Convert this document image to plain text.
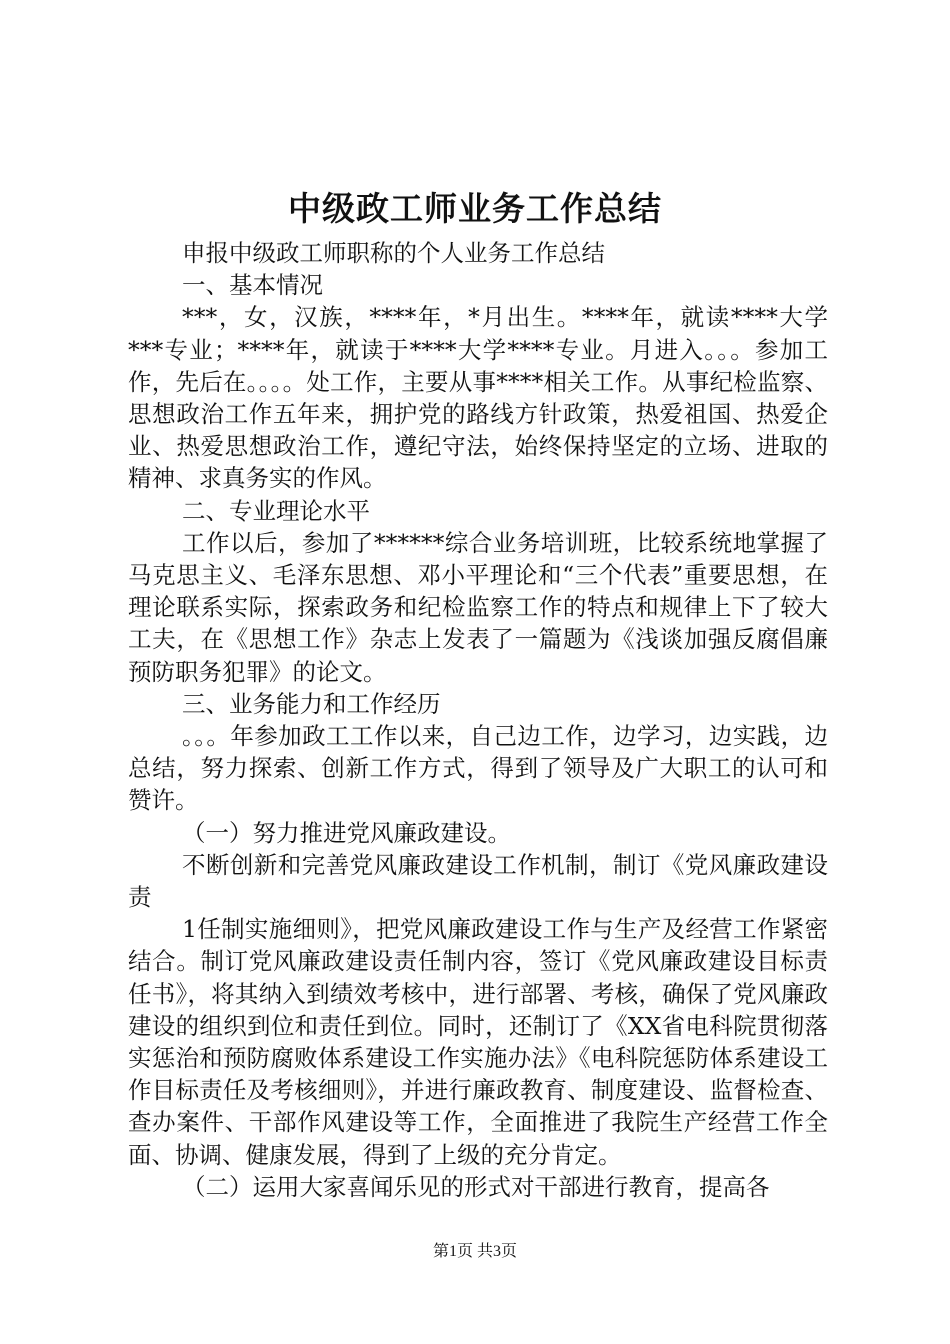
中级政工师业务工作总结

申报中级政工师职称的个人业务工作总结

一、基本情况

***，女，汉族，****年，*月出生。****年，就读****大学***专业；****年，就读于****大学****专业。月进入。。。参加工作，先后在。。。。处工作，主要从事****相关工作。从事纪检监察、思想政治工作五年来，拥护党的路线方针政策，热爱祖国、热爱企业、热爱思想政治工作，遵纪守法，始终保持坚定的立场、进取的精神、求真务实的作风。

二、专业理论水平

工作以后，参加了******综合业务培训班，比较系统地掌握了马克思主义、毛泽东思想、邓小平理论和“三个代表”重要思想，在理论联系实际，探索政务和纪检监察工作的特点和规律上下了较大工夫，在《思想工作》杂志上发表了一篇题为《浅谈加强反腐倡廉预防职务犯罪》的论文。

三、业务能力和工作经历

。。。年参加政工工作以来，自己边工作，边学习，边实践，边总结，努力探索、创新工作方式，得到了领导及广大职工的认可和赞许。

（一）努力推进党风廉政建设。

不断创新和完善党风廉政建设工作机制，制订《党风廉政建设责

1任制实施细则》，把党风廉政建设工作与生产及经营工作紧密结合。制订党风廉政建设责任制内容，签订《党风廉政建设目标责任书》，将其纳入到绩效考核中，进行部署、考核，确保了党风廉政建设的组织到位和责任到位。同时，还制订了《XX省电科院贯彻落实惩治和预防腐败体系建设工作实施办法》《电科院惩防体系建设工作目标责任及考核细则》，并进行廉政教育、制度建设、监督检查、查办案件、干部作风建设等工作，全面推进了我院生产经营工作全面、协调、健康发展，得到了上级的充分肯定。

（二）运用大家喜闻乐见的形式对干部进行教育，提高各

第1页 共3页
